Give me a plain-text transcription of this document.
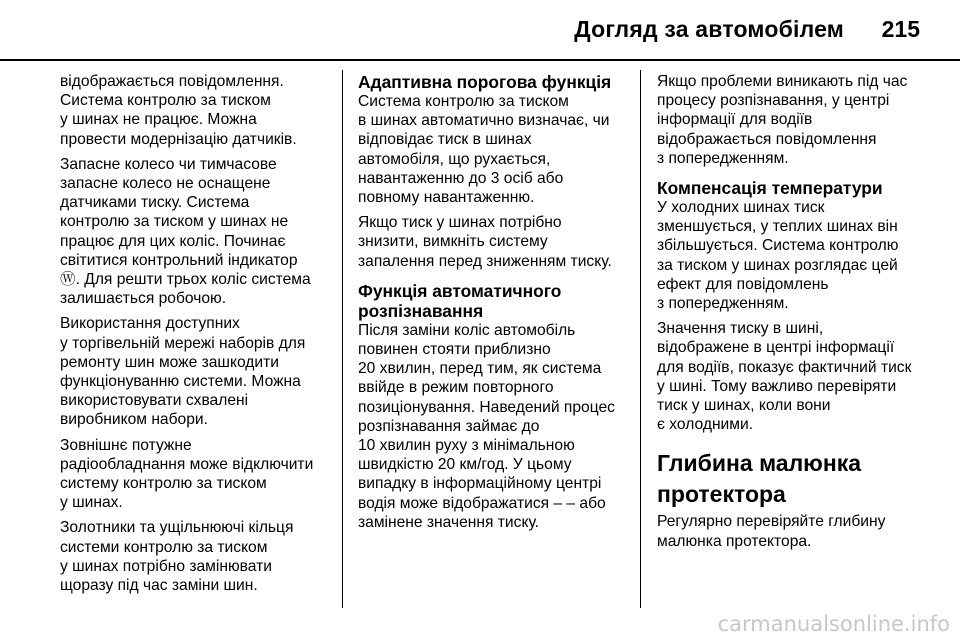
Догляд за автомобілем 215

відображається повідомлення.
Система контролю за тиском
у шинах не працює. Можна
провести модернізацію датчиків.

Запасне колесо чи тимчасове
запасне колесо не оснащене
датчиками тиску. Система
контролю за тиском у шинах не
працює для цих коліс. Починає
світитися контрольний індикатор
Ⓦ. Для решти трьох коліс система
залишається робочою.

Використання доступних
у торгівельній мережі наборів для
ремонту шин може зашкодити
функціонуванню системи. Можна
використовувати схвалені
виробником набори.

Зовнішнє потужне
радіообладнання може відключити
систему контролю за тиском
у шинах.

Золотники та ущільнюючі кільця
системи контролю за тиском
у шинах потрібно замінювати
щоразу під час заміни шин.

Адаптивна порогова функція

Система контролю за тиском
в шинах автоматично визначає, чи
відповідає тиск в шинах
автомобіля, що рухається,
навантаженню до 3 осіб або
повному навантаженню.

Якщо тиск у шинах потрібно
знизити, вимкніть систему
запалення перед зниженням тиску.

Функція автоматичного
розпізнавання

Після заміни коліс автомобіль
повинен стояти приблизно
20 хвилин, перед тим, як система
ввійде в режим повторного
позиціонування. Наведений процес
розпізнавання займає до
10 хвилин руху з мінімальною
швидкістю 20 км/год. У цьому
випадку в інформаційному центрі
водія може відображатися – – або
замінене значення тиску.

Якщо проблеми виникають під час
процесу розпізнавання, у центрі
інформації для водіїв
відображається повідомлення
з попередженням.

Компенсація температури

У холодних шинах тиск
зменшується, у теплих шинах він
збільшується. Система контролю
за тиском у шинах розглядає цей
ефект для повідомлень
з попередженням.

Значення тиску в шині,
відображене в центрі інформації
для водіїв, показує фактичний тиск
у шині. Тому важливо перевіряти
тиск у шинах, коли вони
є холодними.

Глибина малюнка
протектора

Регулярно перевіряйте глибину
малюнка протектора.

carmanualsonline.info
